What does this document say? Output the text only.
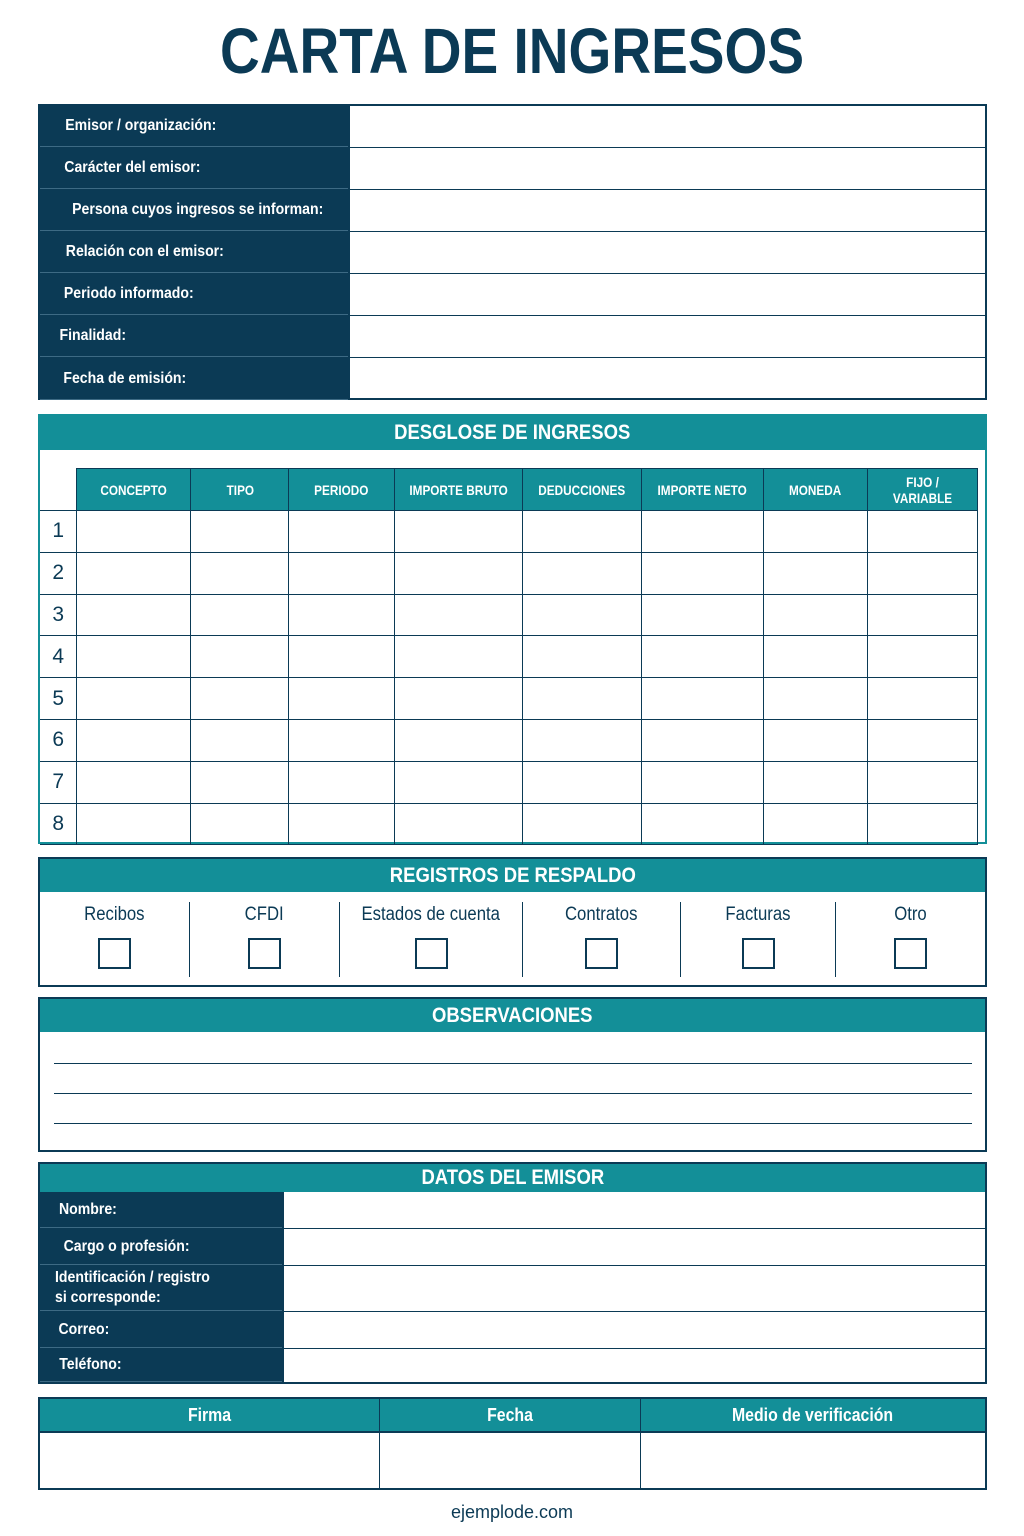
CARTA DE INGRESOS
Emisor / organización:
Carácter del emisor:
Persona cuyos ingresos se informan:
Relación con el emisor:
Periodo informado:
Finalidad:
Fecha de emisión:
DESGLOSE DE INGRESOS
	CONCEPTO	TIPO	PERIODO	IMPORTE BRUTO	DEDUCCIONES	IMPORTE NETO	MONEDA	FIJO / VARIABLE
1								
2								
3								
4								
5								
6								
7								
8								
REGISTROS DE RESPALDO
Recibos	CFDI	Estados de cuenta	Contratos	Facturas	Otro
OBSERVACIONES
DATOS DEL EMISOR
Nombre:
Cargo o profesión:
Identificación / registro
si corresponde:
Correo:
Teléfono:
Firma	Fecha	Medio de verificación
ejemplode.com
